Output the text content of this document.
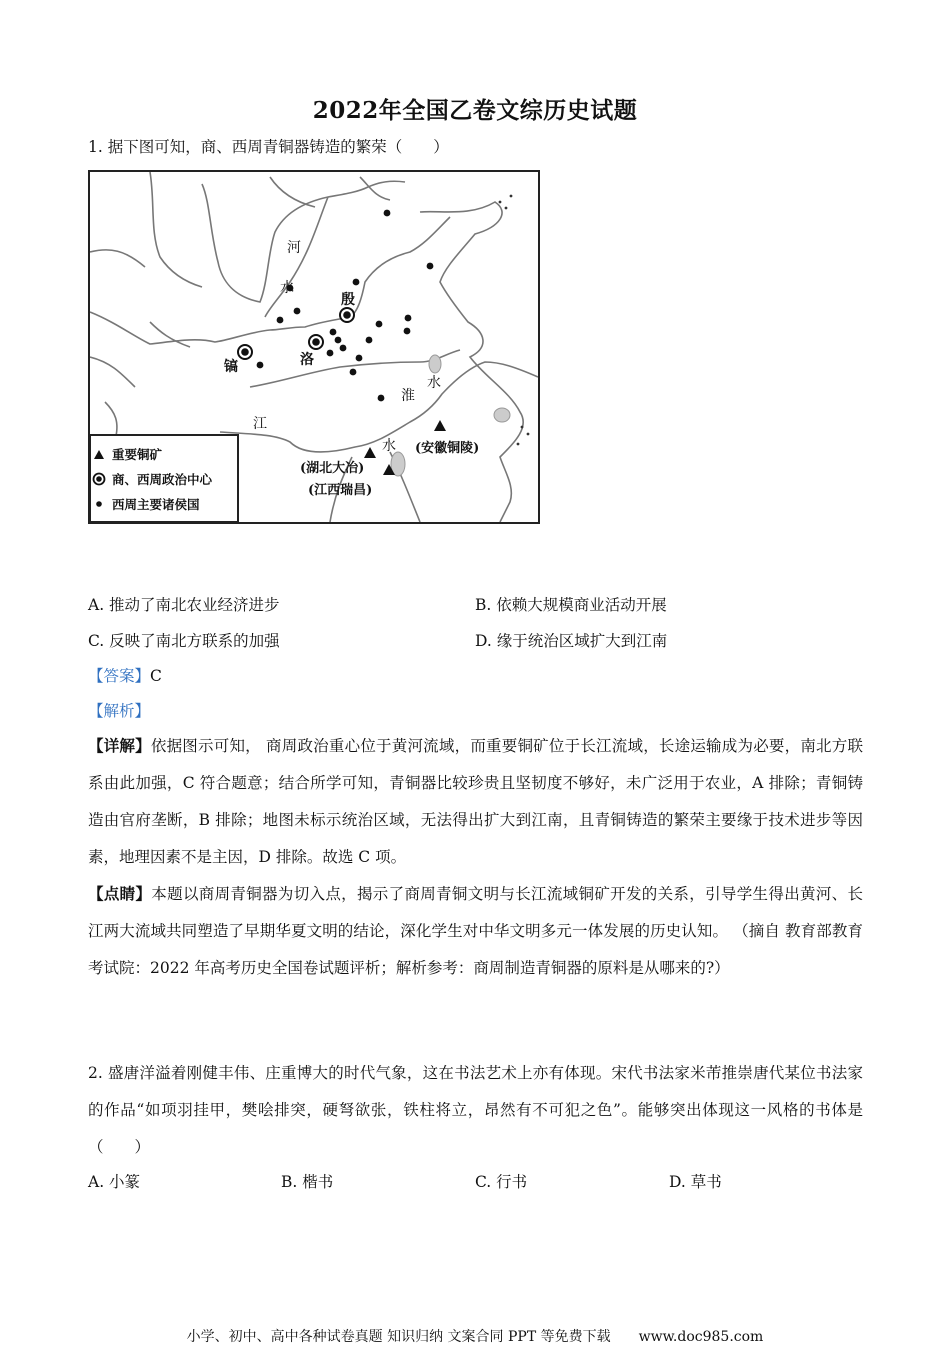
2022年全国乙卷文综历史试题
1. 据下图可知，商、西周青铜器铸造的繁荣（　　）
河
水
殷
洛
镐
水
淮
江
水 (安徽铜陵)
(湖北大冶)
(江西瑞昌)
重要铜矿
商、西周政治中心
西周主要诸侯国
A. 推动了南北农业经济进步	B. 依赖大规模商业活动开展
C. 反映了南北方联系的加强	D. 缘于统治区域扩大到江南
【答案】C
【解析】
【详解】依据图示可知， 商周政治重心位于黄河流域，而重要铜矿位于长江流域，长途运输成为必要，南北方联系由此加强，C 符合题意；结合所学可知，青铜器比较珍贵且坚韧度不够好，未广泛用于农业，A 排除；青铜铸造由官府垄断，B 排除；地图未标示统治区域，无法得出扩大到江南，且青铜铸造的繁荣主要缘于技术进步等因素，地理因素不是主因，D 排除。故选 C 项。
【点睛】本题以商周青铜器为切入点，揭示了商周青铜文明与长江流域铜矿开发的关系，引导学生得出黄河、长江两大流域共同塑造了早期华夏文明的结论，深化学生对中华文明多元一体发展的历史认知。 （摘自 教育部教育考试院：2022 年高考历史全国卷试题评析；解析参考：商周制造青铜器的原料是从哪来的?）
2. 盛唐洋溢着刚健丰伟、庄重博大的时代气象，这在书法艺术上亦有体现。宋代书法家米芾推崇唐代某位书法家的作品“如项羽挂甲，樊哙排突，硬弩欲张，铁柱将立，昂然有不可犯之色”。能够突出体现这一风格的书体是（　　）
A. 小篆	B. 楷书	C. 行书	D. 草书
小学、初中、高中各种试卷真题 知识归纳 文案合同 PPT 等免费下载　　www.doc985.com
